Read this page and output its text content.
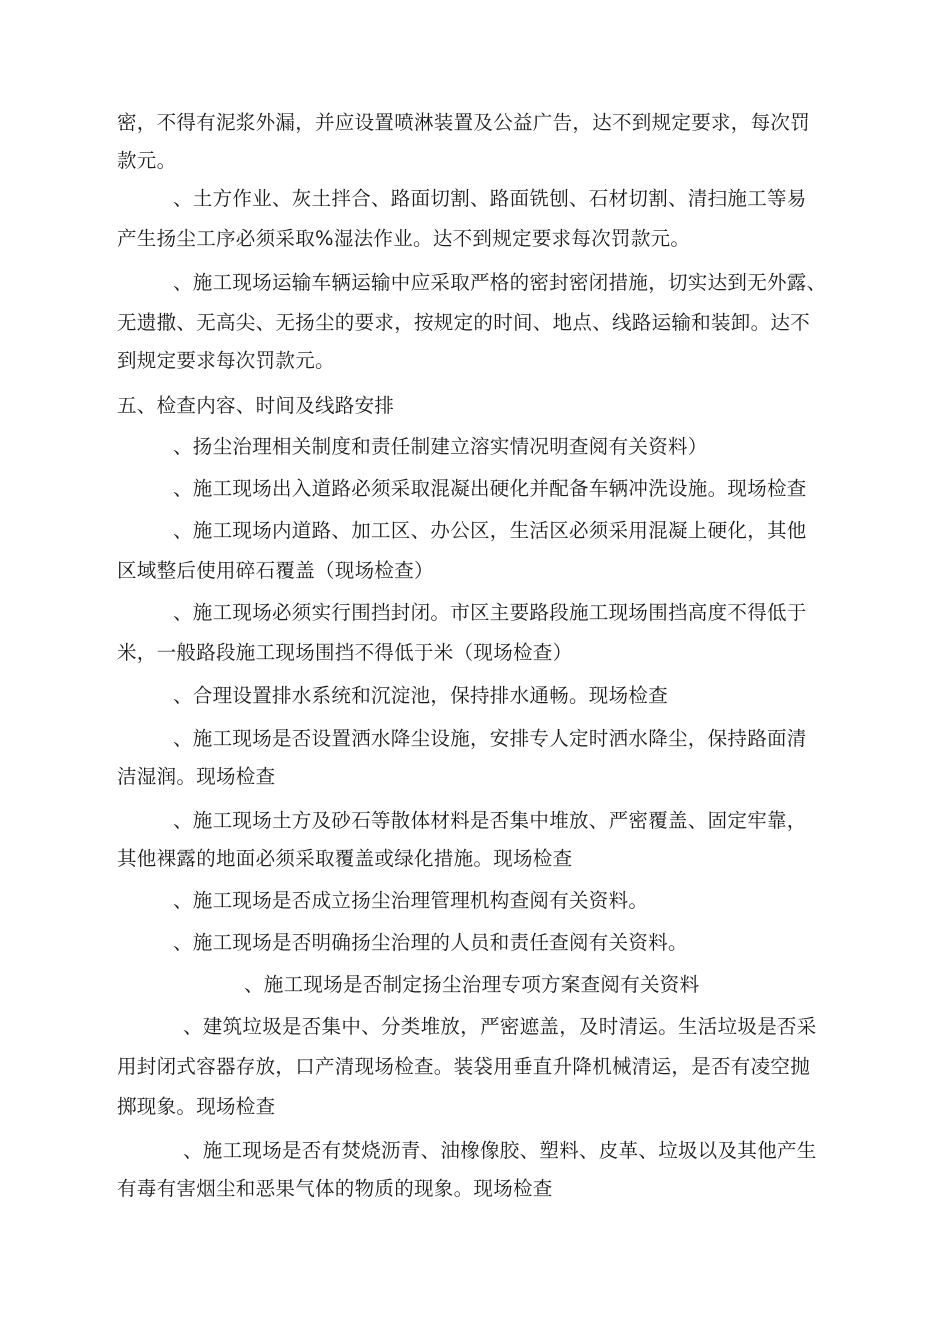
密，不得有泥浆外漏，并应设置喷淋装置及公益广告，达不到规定要求，每次罚
款元。
、土方作业、灰土拌合、路面切割、路面铣刨、石材切割、清扫施工等易
产生扬尘工序必须采取%湿法作业。达不到规定要求每次罚款元。
、施工现场运输车辆运输中应采取严格的密封密闭措施，切实达到无外露、
无遗撒、无高尖、无扬尘的要求，按规定的时间、地点、线路运输和装卸。达不
到规定要求每次罚款元。
五、检查内容、时间及线路安排
、扬尘治理相关制度和责任制建立溶实情况明查阅有关资料）
、施工现场出入道路必须采取混凝出硬化并配备车辆冲洗设施。现场检查
、施工现场内道路、加工区、办公区，生活区必须采用混凝上硬化，其他
区域整后使用碎石覆盖（现场检查）
、施工现场必须实行围挡封闭。市区主要路段施工现场围挡高度不得低于
米，一般路段施工现场围挡不得低于米（现场检查）
、合理设置排水系统和沉淀池，保持排水通畅。现场检查
、施工现场是否设置洒水降尘设施，安排专人定时洒水降尘，保持路面清
洁湿润。现场检查
、施工现场土方及砂石等散体材料是否集中堆放、严密覆盖、固定牢靠，
其他裸露的地面必须采取覆盖或绿化措施。现场检查
、施工现场是否成立扬尘治理管理机构查阅有关资料。
、施工现场是否明确扬尘治理的人员和责任查阅有关资料。
、施工现场是否制定扬尘治理专项方案查阅有关资料
、建筑垃圾是否集中、分类堆放，严密遮盖，及时清运。生活垃圾是否采
用封闭式容器存放，口产清现场检查。装袋用垂直升降机械清运，是否有凌空抛
掷现象。现场检查
、施工现场是否有焚烧沥青、油橡像胶、塑料、皮革、垃圾以及其他产生
有毒有害烟尘和恶果气体的物质的现象。现场检查
